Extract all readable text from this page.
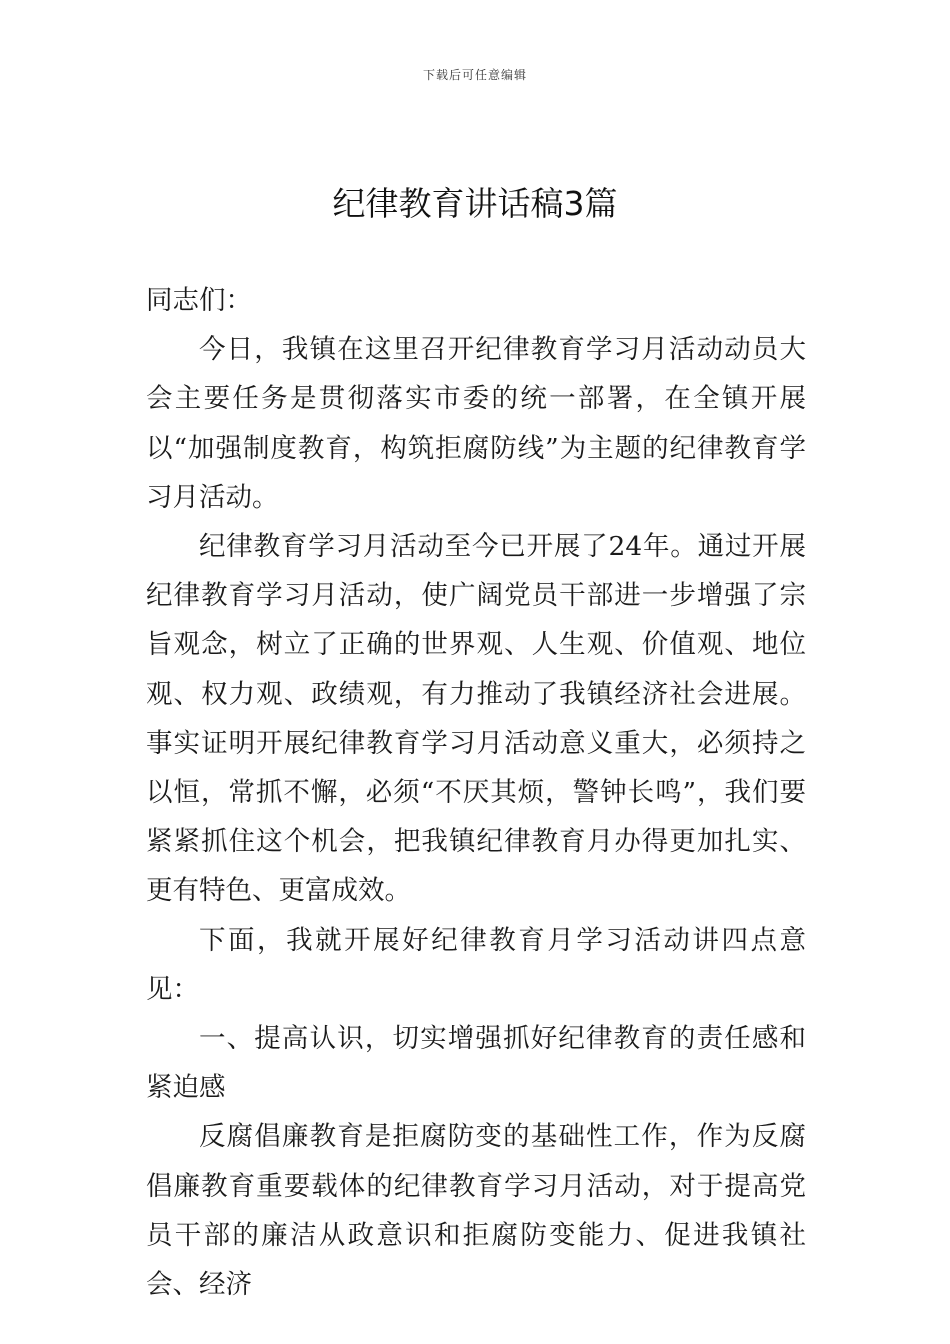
下载后可任意编辑
纪律教育讲话稿3篇

同志们：

今日，我镇在这里召开纪律教育学习月活动动员大会主要任务是贯彻落实市委的统一部署，在全镇开展以“加强制度教育，构筑拒腐防线”为主题的纪律教育学习月活动。

纪律教育学习月活动至今已开展了24年。通过开展纪律教育学习月活动，使广阔党员干部进一步增强了宗旨观念，树立了正确的世界观、人生观、价值观、地位观、权力观、政绩观，有力推动了我镇经济社会进展。事实证明开展纪律教育学习月活动意义重大，必须持之以恒，常抓不懈，必须“不厌其烦，警钟长鸣”，我们要紧紧抓住这个机会，把我镇纪律教育月办得更加扎实、更有特色、更富成效。

下面，我就开展好纪律教育月学习活动讲四点意见：

一、提高认识，切实增强抓好纪律教育的责任感和紧迫感

反腐倡廉教育是拒腐防变的基础性工作，作为反腐倡廉教育重要载体的纪律教育学习月活动，对于提高党员干部的廉洁从政意识和拒腐防变能力、促进我镇社会、经济
